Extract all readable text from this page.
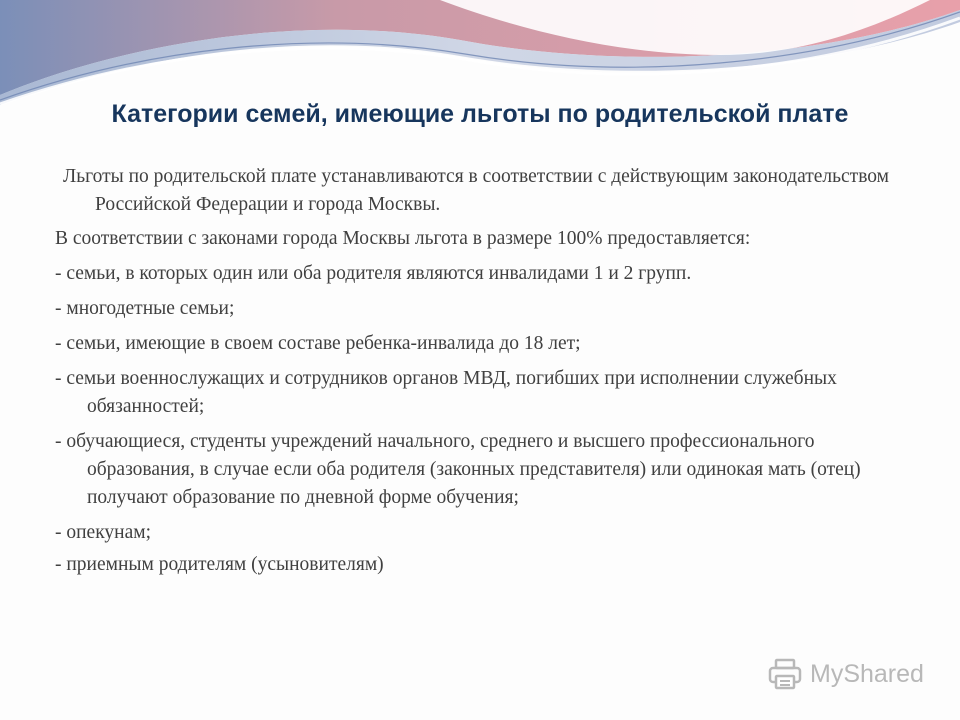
Категории семей, имеющие льготы по родительской плате

Льготы по родительской плате устанавливаются в соответствии с действующим законодательством Российской Федерации и города Москвы.

В соответствии с законами города Москвы льгота в размере 100% предоставляется:

- семьи, в которых один или оба родителя являются инвалидами 1 и 2 групп.

- многодетные семьи;

- семьи, имеющие в своем составе ребенка-инвалида до 18 лет;

- семьи военнослужащих и сотрудников органов МВД, погибших при исполнении служебных обязанностей;

- обучающиеся, студенты учреждений начального, среднего и высшего профессионального образования, в случае если оба родителя (законных представителя) или одинокая мать (отец) получают образование по дневной форме обучения;

- опекунам;

- приемным родителям (усыновителям)

MyShared
